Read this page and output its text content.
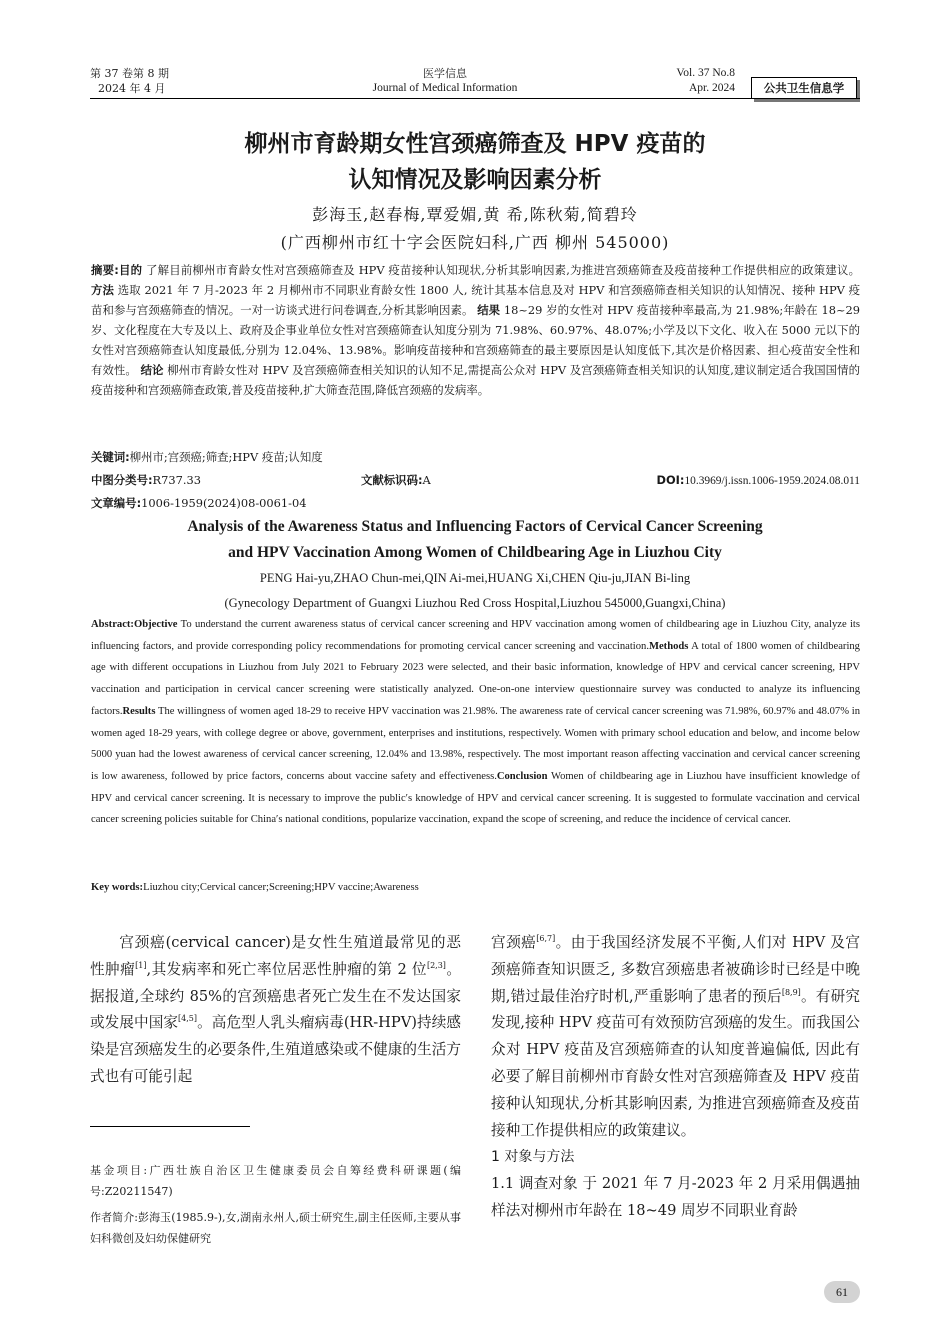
第 37 卷第 8 期
2024 年 4 月
医学信息
Journal of Medical Information
Vol. 37 No.8
Apr. 2024	公共卫生信息学
柳州市育龄期女性宫颈癌筛查及 HPV 疫苗的
认知情况及影响因素分析
彭海玉,赵春梅,覃爱媚,黄 希,陈秋菊,简碧玲
(广西柳州市红十字会医院妇科,广西 柳州 545000)
摘要:目的 了解目前柳州市育龄女性对宫颈癌筛查及 HPV 疫苗接种认知现状,分析其影响因素,为推进宫颈癌筛查及疫苗接种工作提供相应的政策建议。 方法 选取 2021 年 7 月-2023 年 2 月柳州市不同职业育龄女性 1800 人, 统计其基本信息及对 HPV 和宫颈癌筛查相关知识的认知情况、接种 HPV 疫苗和参与宫颈癌筛查的情况。一对一访谈式进行问卷调查,分析其影响因素。 结果 18~29 岁的女性对 HPV 疫苗接种率最高,为 21.98%;年龄在 18~29 岁、文化程度在大专及以上、政府及企事业单位女性对宫颈癌筛查认知度分别为 71.98%、60.97%、48.07%;小学及以下文化、收入在 5000 元以下的女性对宫颈癌筛查认知度最低,分别为 12.04%、13.98%。影响疫苗接种和宫颈癌筛查的最主要原因是认知度低下,其次是价格因素、担心疫苗安全性和有效性。 结论 柳州市育龄女性对 HPV 及宫颈癌筛查相关知识的认知不足,需提高公众对 HPV 及宫颈癌筛查相关知识的认知度,建议制定适合我国国情的疫苗接种和宫颈癌筛查政策,普及疫苗接种,扩大筛查范围,降低宫颈癌的发病率。
关键词:柳州市;宫颈癌;筛查;HPV 疫苗;认知度
中图分类号:R737.33	文献标识码:A	DOI:10.3969/j.issn.1006-1959.2024.08.011
文章编号:1006-1959(2024)08-0061-04
Analysis of the Awareness Status and Influencing Factors of Cervical Cancer Screening
and HPV Vaccination Among Women of Childbearing Age in Liuzhou City
PENG Hai-yu,ZHAO Chun-mei,QIN Ai-mei,HUANG Xi,CHEN Qiu-ju,JIAN Bi-ling
(Gynecology Department of Guangxi Liuzhou Red Cross Hospital,Liuzhou 545000,Guangxi,China)
Abstract:Objective To understand the current awareness status of cervical cancer screening and HPV vaccination among women of childbearing age in Liuzhou City, analyze its influencing factors, and provide corresponding policy recommendations for promoting cervical cancer screening and vaccination.Methods A total of 1800 women of childbearing age with different occupations in Liuzhou from July 2021 to February 2023 were selected, and their basic information, knowledge of HPV and cervical cancer screening, HPV vaccination and participation in cervical cancer screening were statistically analyzed. One-on-one interview questionnaire survey was conducted to analyze its influencing factors.Results The willingness of women aged 18-29 to receive HPV vaccination was 21.98%. The awareness rate of cervical cancer screening was 71.98%, 60.97% and 48.07% in women aged 18-29 years, with college degree or above, government, enterprises and institutions, respectively. Women with primary school education and below, and income below 5000 yuan had the lowest awareness of cervical cancer screening, 12.04% and 13.98%, respectively. The most important reason affecting vaccination and cervical cancer screening is low awareness, followed by price factors, concerns about vaccine safety and effectiveness.Conclusion Women of childbearing age in Liuzhou have insufficient knowledge of HPV and cervical cancer screening. It is necessary to improve the public′s knowledge of HPV and cervical cancer screening. It is suggested to formulate vaccination and cervical cancer screening policies suitable for China′s national conditions, popularize vaccination, expand the scope of screening, and reduce the incidence of cervical cancer.
Key words:Liuzhou city;Cervical cancer;Screening;HPV vaccine;Awareness
宫颈癌(cervical cancer)是女性生殖道最常见的恶性肿瘤[1],其发病率和死亡率位居恶性肿瘤的第 2 位[2,3]。据报道,全球约 85%的宫颈癌患者死亡发生在不发达国家或发展中国家[4,5]。高危型人乳头瘤病毒(HR-HPV)持续感染是宫颈癌发生的必要条件,生殖道感染或不健康的生活方式也有可能引起

宫颈癌[6,7]。由于我国经济发展不平衡,人们对 HPV 及宫颈癌筛查知识匮乏, 多数宫颈癌患者被确诊时已经是中晚期,错过最佳治疗时机,严重影响了患者的预后[8,9]。有研究发现,接种 HPV 疫苗可有效预防宫颈癌的发生。而我国公众对 HPV 疫苗及宫颈癌筛查的认知度普遍偏低, 因此有必要了解目前柳州市育龄女性对宫颈癌筛查及 HPV 疫苗接种认知现状,分析其影响因素, 为推进宫颈癌筛查及疫苗接种工作提供相应的政策建议。

1 对象与方法

1.1 调查对象 于 2021 年 7 月-2023 年 2 月采用偶遇抽样法对柳州市年龄在 18~49 周岁不同职业育龄

基金项目:广西壮族自治区卫生健康委员会自筹经费科研课题(编号:Z20211547)
作者简介:彭海玉(1985.9-),女,湖南永州人,硕士研究生,副主任医师,主要从事妇科微创及妇幼保健研究
61
